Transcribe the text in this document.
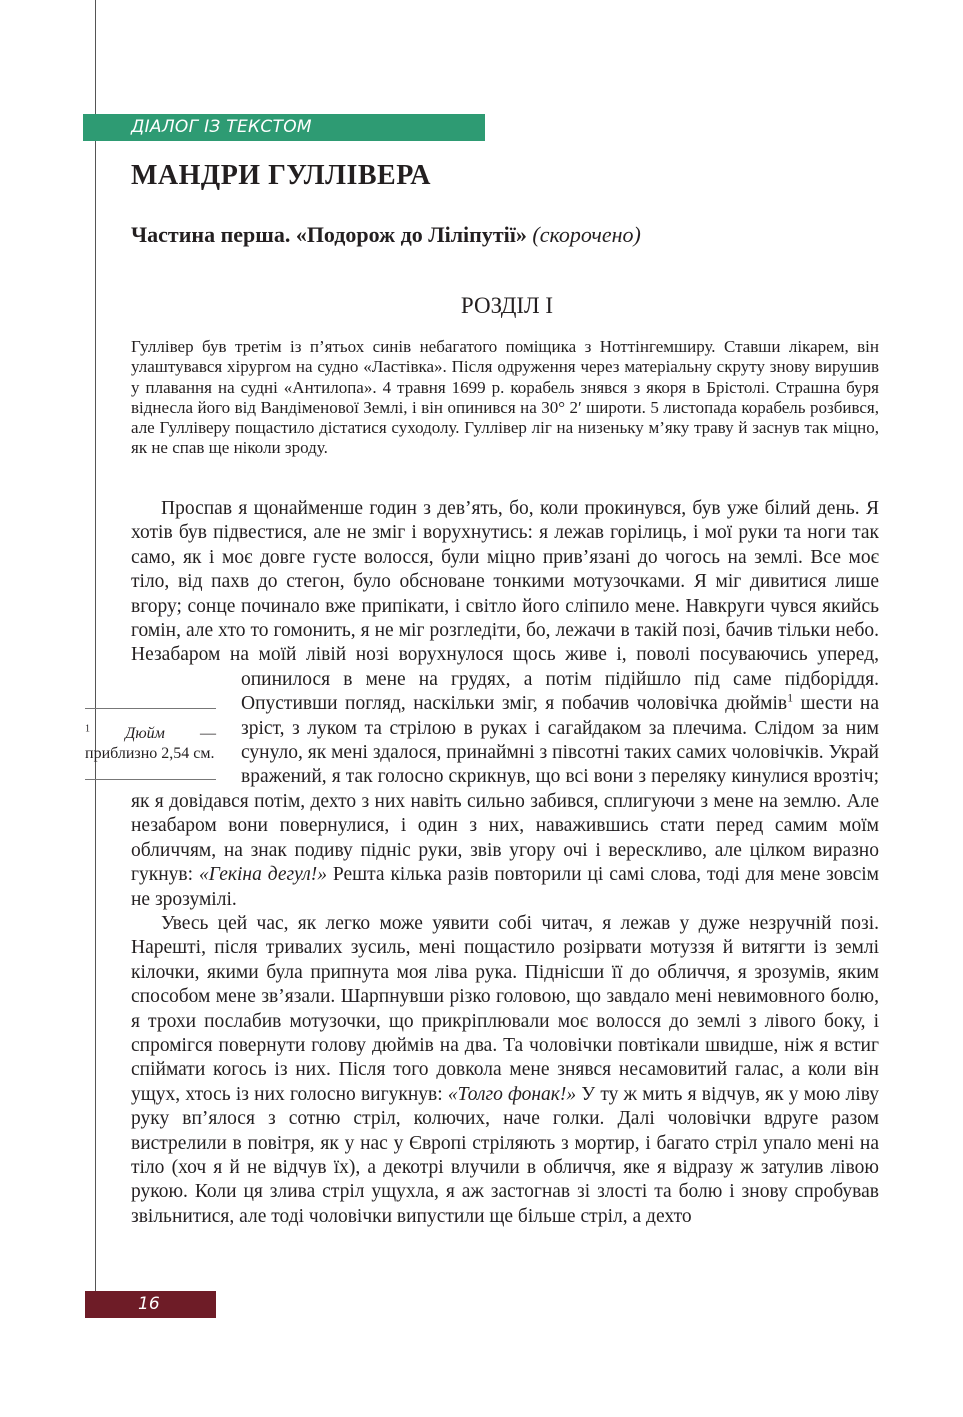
ДІАЛОГ ІЗ ТЕКСТОМ
МАНДРИ ГУЛЛІВЕРА
Частина перша. «Подорож до Ліліпутії» (скорочено)
РОЗДІЛ І

Гуллівер був третім із п’ятьох синів небагатого поміщика з Ноттінгемширу. Ставши лікарем, він улаштувався хірургом на судно «Ластівка». Після одруження через матеріальну скруту знову вирушив у плавання на судні «Антилопа». 4 травня 1699 р. корабель знявся з якоря в Брістолі. Страшна буря віднесла його від Вандіменової Землі, і він опинився на 30° 2′ широти. 5 листопада корабель розбився, але Гулліверу пощастило дістатися суходолу. Гуллівер ліг на низеньку м’яку траву й заснув так міцно, як не спав ще ніколи зроду.

Проспав я щонайменше годин з дев’ять, бо, коли прокинувся, був уже білий день. Я хотів був підвестися, але не зміг і ворухнутись: я лежав горілиць, і мої руки та ноги так само, як і моє довге густе волосся, були міцно прив’язані до чогось на землі. Все моє тіло, від пахв до стегон, було обсноване тонкими мотузочками. Я міг дивитися лише вгору; сонце починало вже припікати, і світло його сліпило мене. Навкруги чувся якийсь гомін, але хто то гомонить, я не міг розгледіти, бо, лежачи в такій позі, бачив тільки небо. Незабаром на моїй лівій нозі ворухнулося щось живе і, поволі посуваючись уперед, опинилося в мене на грудях, а потім підійшло під саме підборіддя. Опустивши погляд, наскільки зміг, я побачив чоловічка дюймів$^1$ шести на зріст, з луком та стрілою в руках і сагайдаком за плечима. Слідом за ним сунуло, як мені здалося, принаймні з півсотні таких самих чоловічків. Украй вражений, я так голосно скрикнув, що всі вони з переляку кинулися врозтіч; як я довідався потім, дехто з них навіть сильно забився, сплигуючи з мене на землю. Але незабаром вони повернулися, і один з них, наважившись стати перед самим моїм обличчям, на знак подиву підніс руки, звів угору очі і верескливо, але цілком виразно гукнув: «Гекіна дегул!» Решта кілька разів повторили ці самі слова, тоді для мене зовсім не зрозумілі.

Увесь цей час, як легко може уявити собі читач, я лежав у дуже незручній позі. Нарешті, після тривалих зусиль, мені пощастило розірвати мотуззя й витягти із землі кілочки, якими була припнута моя ліва рука. Піднісши її до обличчя, я зрозумів, яким способом мене зв’язали. Шарпнувши різко головою, що завдало мені невимовного болю, я трохи послабив мотузочки, що прикріплювали моє волосся до землі з лівого боку, і спромігся повернути голову дюймів на два. Та чоловічки повтікали швидше, ніж я встиг спіймати когось із них. Після того довкола мене знявся несамовитий галас, а коли він ущух, хтось із них голосно вигукнув: «Толго фонак!» У ту ж мить я відчув, як у мою ліву руку вп’ялося з сотню стріл, колючих, наче голки. Далі чоловічки вдруге разом вистрелили в повітря, як у нас у Європі стріляють з мортир, і багато стріл упало мені на тіло (хоч я й не відчув їх), а декотрі влучили в обличчя, яке я відразу ж затулив лівою рукою. Коли ця злива стріл ущухла, я аж застогнав зі злості та болю і знову спробував звільнитися, але тоді чоловічки випустили ще більше стріл, а дехто

$^1$ Дюйм — приблизно 2,54 см.

16
